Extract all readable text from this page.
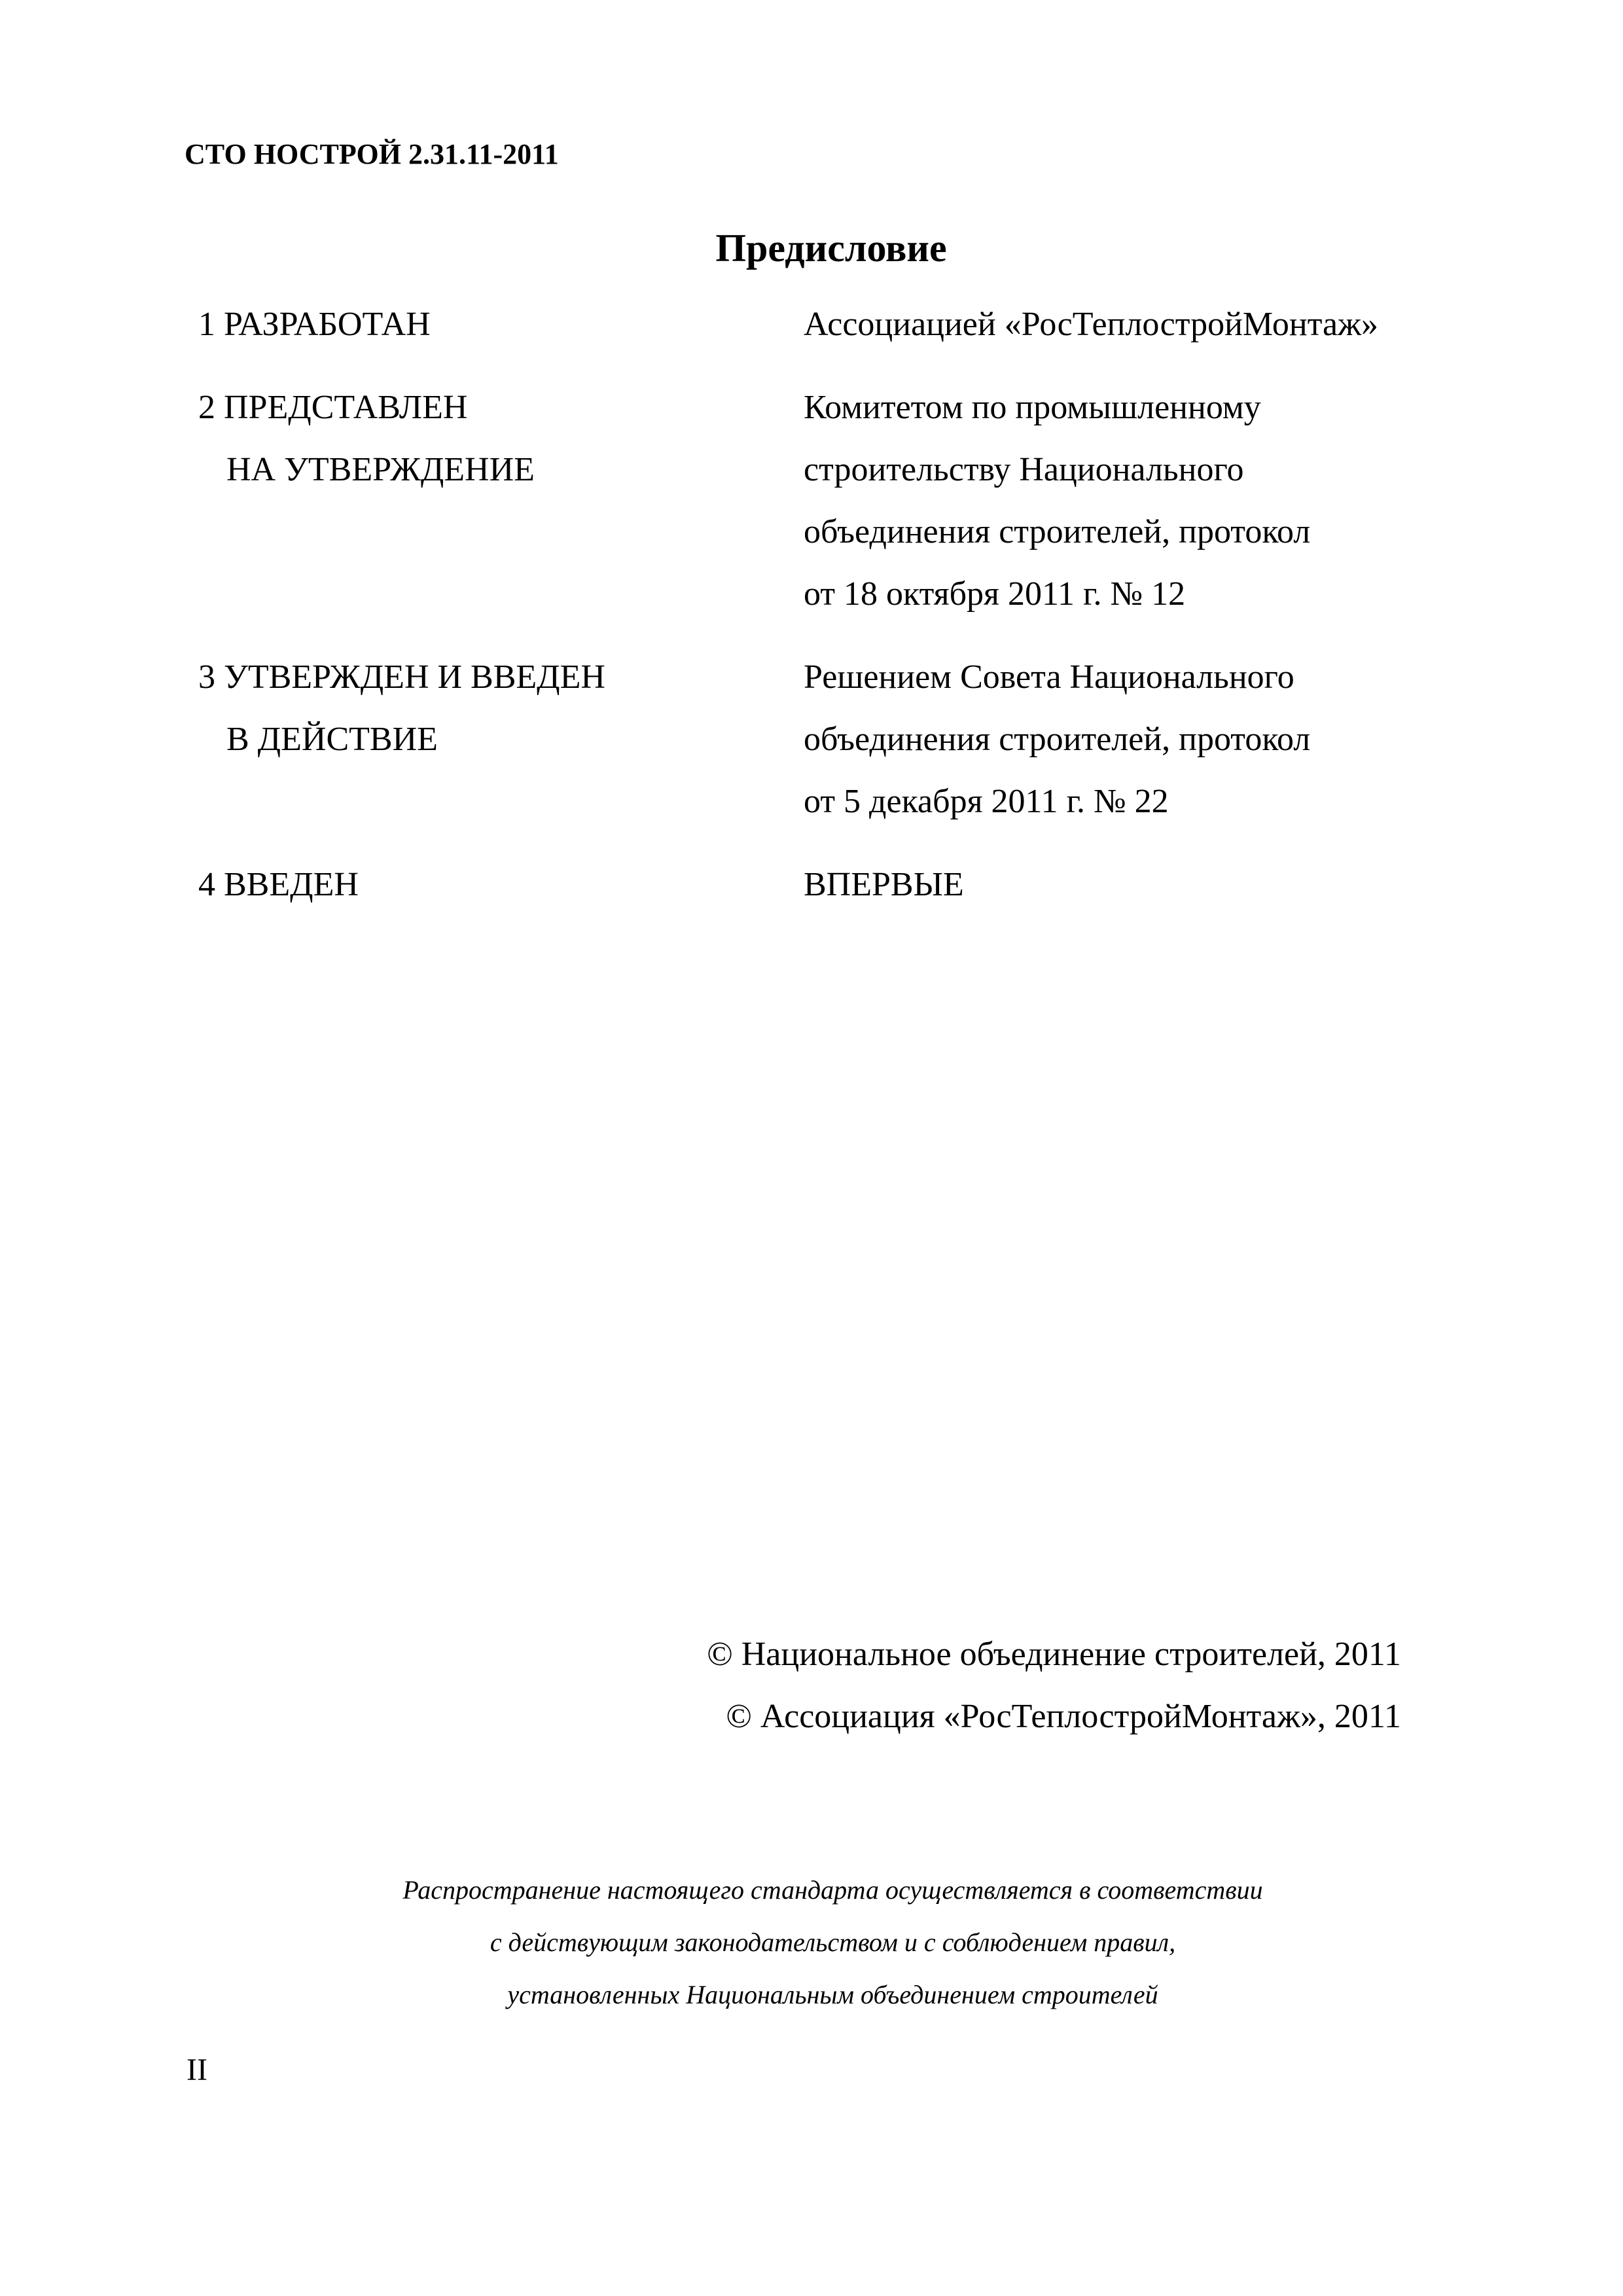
СТО НОСТРОЙ 2.31.11-2011
Предисловие
1 РАЗРАБОТАН	Ассоциацией «РосТеплостройМонтаж»
2 ПРЕДСТАВЛЕН
НА УТВЕРЖДЕНИЕ
Комитетом по промышленному
строительству Национального
объединения строителей, протокол
от 18 октября 2011 г. № 12
3 УТВЕРЖДЕН И ВВЕДЕН
В ДЕЙСТВИЕ
Решением Совета Национального
объединения строителей, протокол
от 5 декабря 2011 г. № 22
4 ВВЕДЕН	ВПЕРВЫЕ
© Национальное объединение строителей, 2011
© Ассоциация «РосТеплостройМонтаж», 2011
Распространение настоящего стандарта осуществляется в соответствии
с действующим законодательством и с соблюдением правил,
установленных Национальным объединением строителей
II
